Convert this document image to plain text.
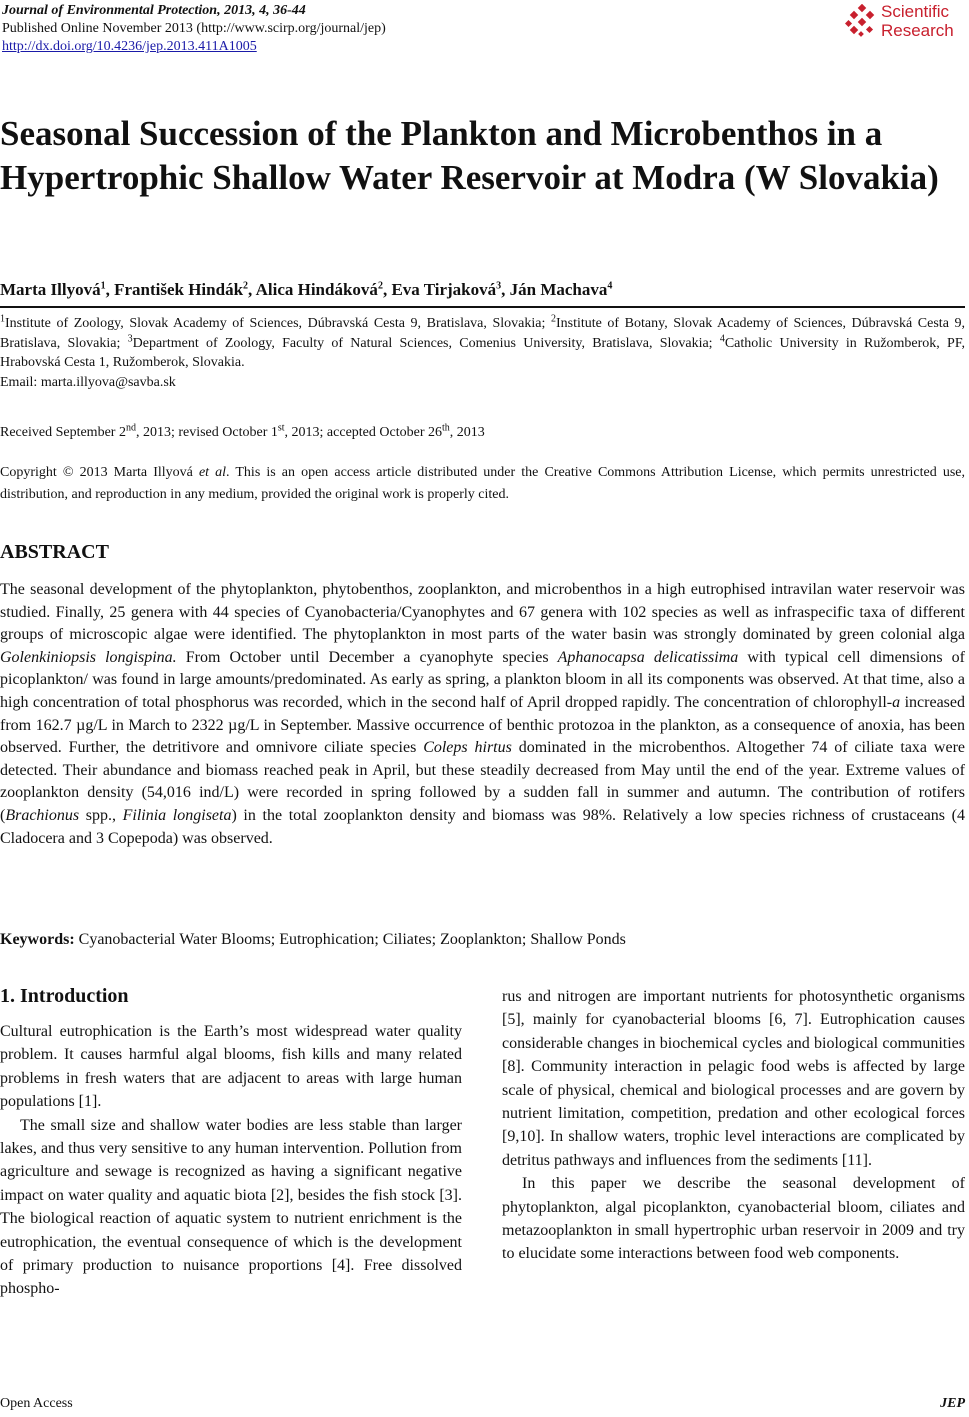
Journal of Environmental Protection, 2013, 4, 36-44
Published Online November 2013 (http://www.scirp.org/journal/jep)
http://dx.doi.org/10.4236/jep.2013.411A1005
Scientific
Research
Seasonal Succession of the Plankton and Microbenthos in a Hypertrophic Shallow Water Reservoir at Modra (W Slovakia)
Marta Illyová$^1$, František Hindák$^2$, Alica Hindáková$^2$, Eva Tirjaková$^3$, Ján Machava$^4$
$^1$Institute of Zoology, Slovak Academy of Sciences, Dúbravská Cesta 9, Bratislava, Slovakia; $^2$Institute of Botany, Slovak Academy of Sciences, Dúbravská Cesta 9, Bratislava, Slovakia; $^3$Department of Zoology, Faculty of Natural Sciences, Comenius University, Bratislava, Slovakia; $^4$Catholic University in Ružomberok, PF, Hrabovská Cesta 1, Ružomberok, Slovakia.
Email: marta.illyova@savba.sk
Received September 2nd, 2013; revised October 1st, 2013; accepted October 26th, 2013
Copyright © 2013 Marta Illyová et al. This is an open access article distributed under the Creative Commons Attribution License, which permits unrestricted use, distribution, and reproduction in any medium, provided the original work is properly cited.
ABSTRACT

The seasonal development of the phytoplankton, phytobenthos, zooplankton, and microbenthos in a high eutrophised intravilan water reservoir was studied. Finally, 25 genera with 44 species of Cyanobacteria/Cyanophytes and 67 genera with 102 species as well as infraspecific taxa of different groups of microscopic algae were identified. The phytoplankton in most parts of the water basin was strongly dominated by green colonial alga Golenkiniopsis longispina. From October until December a cyanophyte species Aphanocapsa delicatissima with typical cell dimensions of picoplankton/ was found in large amounts/predominated. As early as spring, a plankton bloom in all its components was observed. At that time, also a high concentration of total phosphorus was recorded, which in the second half of April dropped rapidly. The concentration of chlorophyll-a increased from 162.7 µg/L in March to 2322 µg/L in September. Massive occurrence of benthic protozoa in the plankton, as a consequence of anoxia, has been observed. Further, the detritivore and omnivore ciliate species Coleps hirtus dominated in the microbenthos. Altogether 74 of ciliate taxa were detected. Their abundance and biomass reached peak in April, but these steadily decreased from May until the end of the year. Extreme values of zooplankton density (54,016 ind/L) were recorded in spring followed by a sudden fall in summer and autumn. The contribution of rotifers (Brachionus spp., Filinia longiseta) in the total zooplankton density and biomass was 98%. Relatively a low species richness of crustaceans (4 Cladocera and 3 Copepoda) was observed.

Keywords: Cyanobacterial Water Blooms; Eutrophication; Ciliates; Zooplankton; Shallow Ponds
1. Introduction

Cultural eutrophication is the Earth’s most widespread water quality problem. It causes harmful algal blooms, fish kills and many related problems in fresh waters that are adjacent to areas with large human populations [1].

The small size and shallow water bodies are less stable than larger lakes, and thus very sensitive to any human intervention. Pollution from agriculture and sewage is recognized as having a significant negative impact on water quality and aquatic biota [2], besides the fish stock [3]. The biological reaction of aquatic system to nutrient enrichment is the eutrophication, the eventual consequence of which is the development of primary production to nuisance proportions [4]. Free dissolved phospho-

rus and nitrogen are important nutrients for photosynthetic organisms [5], mainly for cyanobacterial blooms [6, 7]. Eutrophication causes considerable changes in biochemical cycles and biological communities [8]. Community interaction in pelagic food webs is affected by large scale of physical, chemical and biological processes and are govern by nutrient limitation, competition, predation and other ecological forces [9,10]. In shallow waters, trophic level interactions are complicated by detritus pathways and influences from the sediments [11].

In this paper we describe the seasonal development of phytoplankton, algal picoplankton, cyanobacterial bloom, ciliates and metazooplankton in small hypertrophic urban reservoir in 2009 and try to elucidate some interactions between food web components.

Open Access	JEP
